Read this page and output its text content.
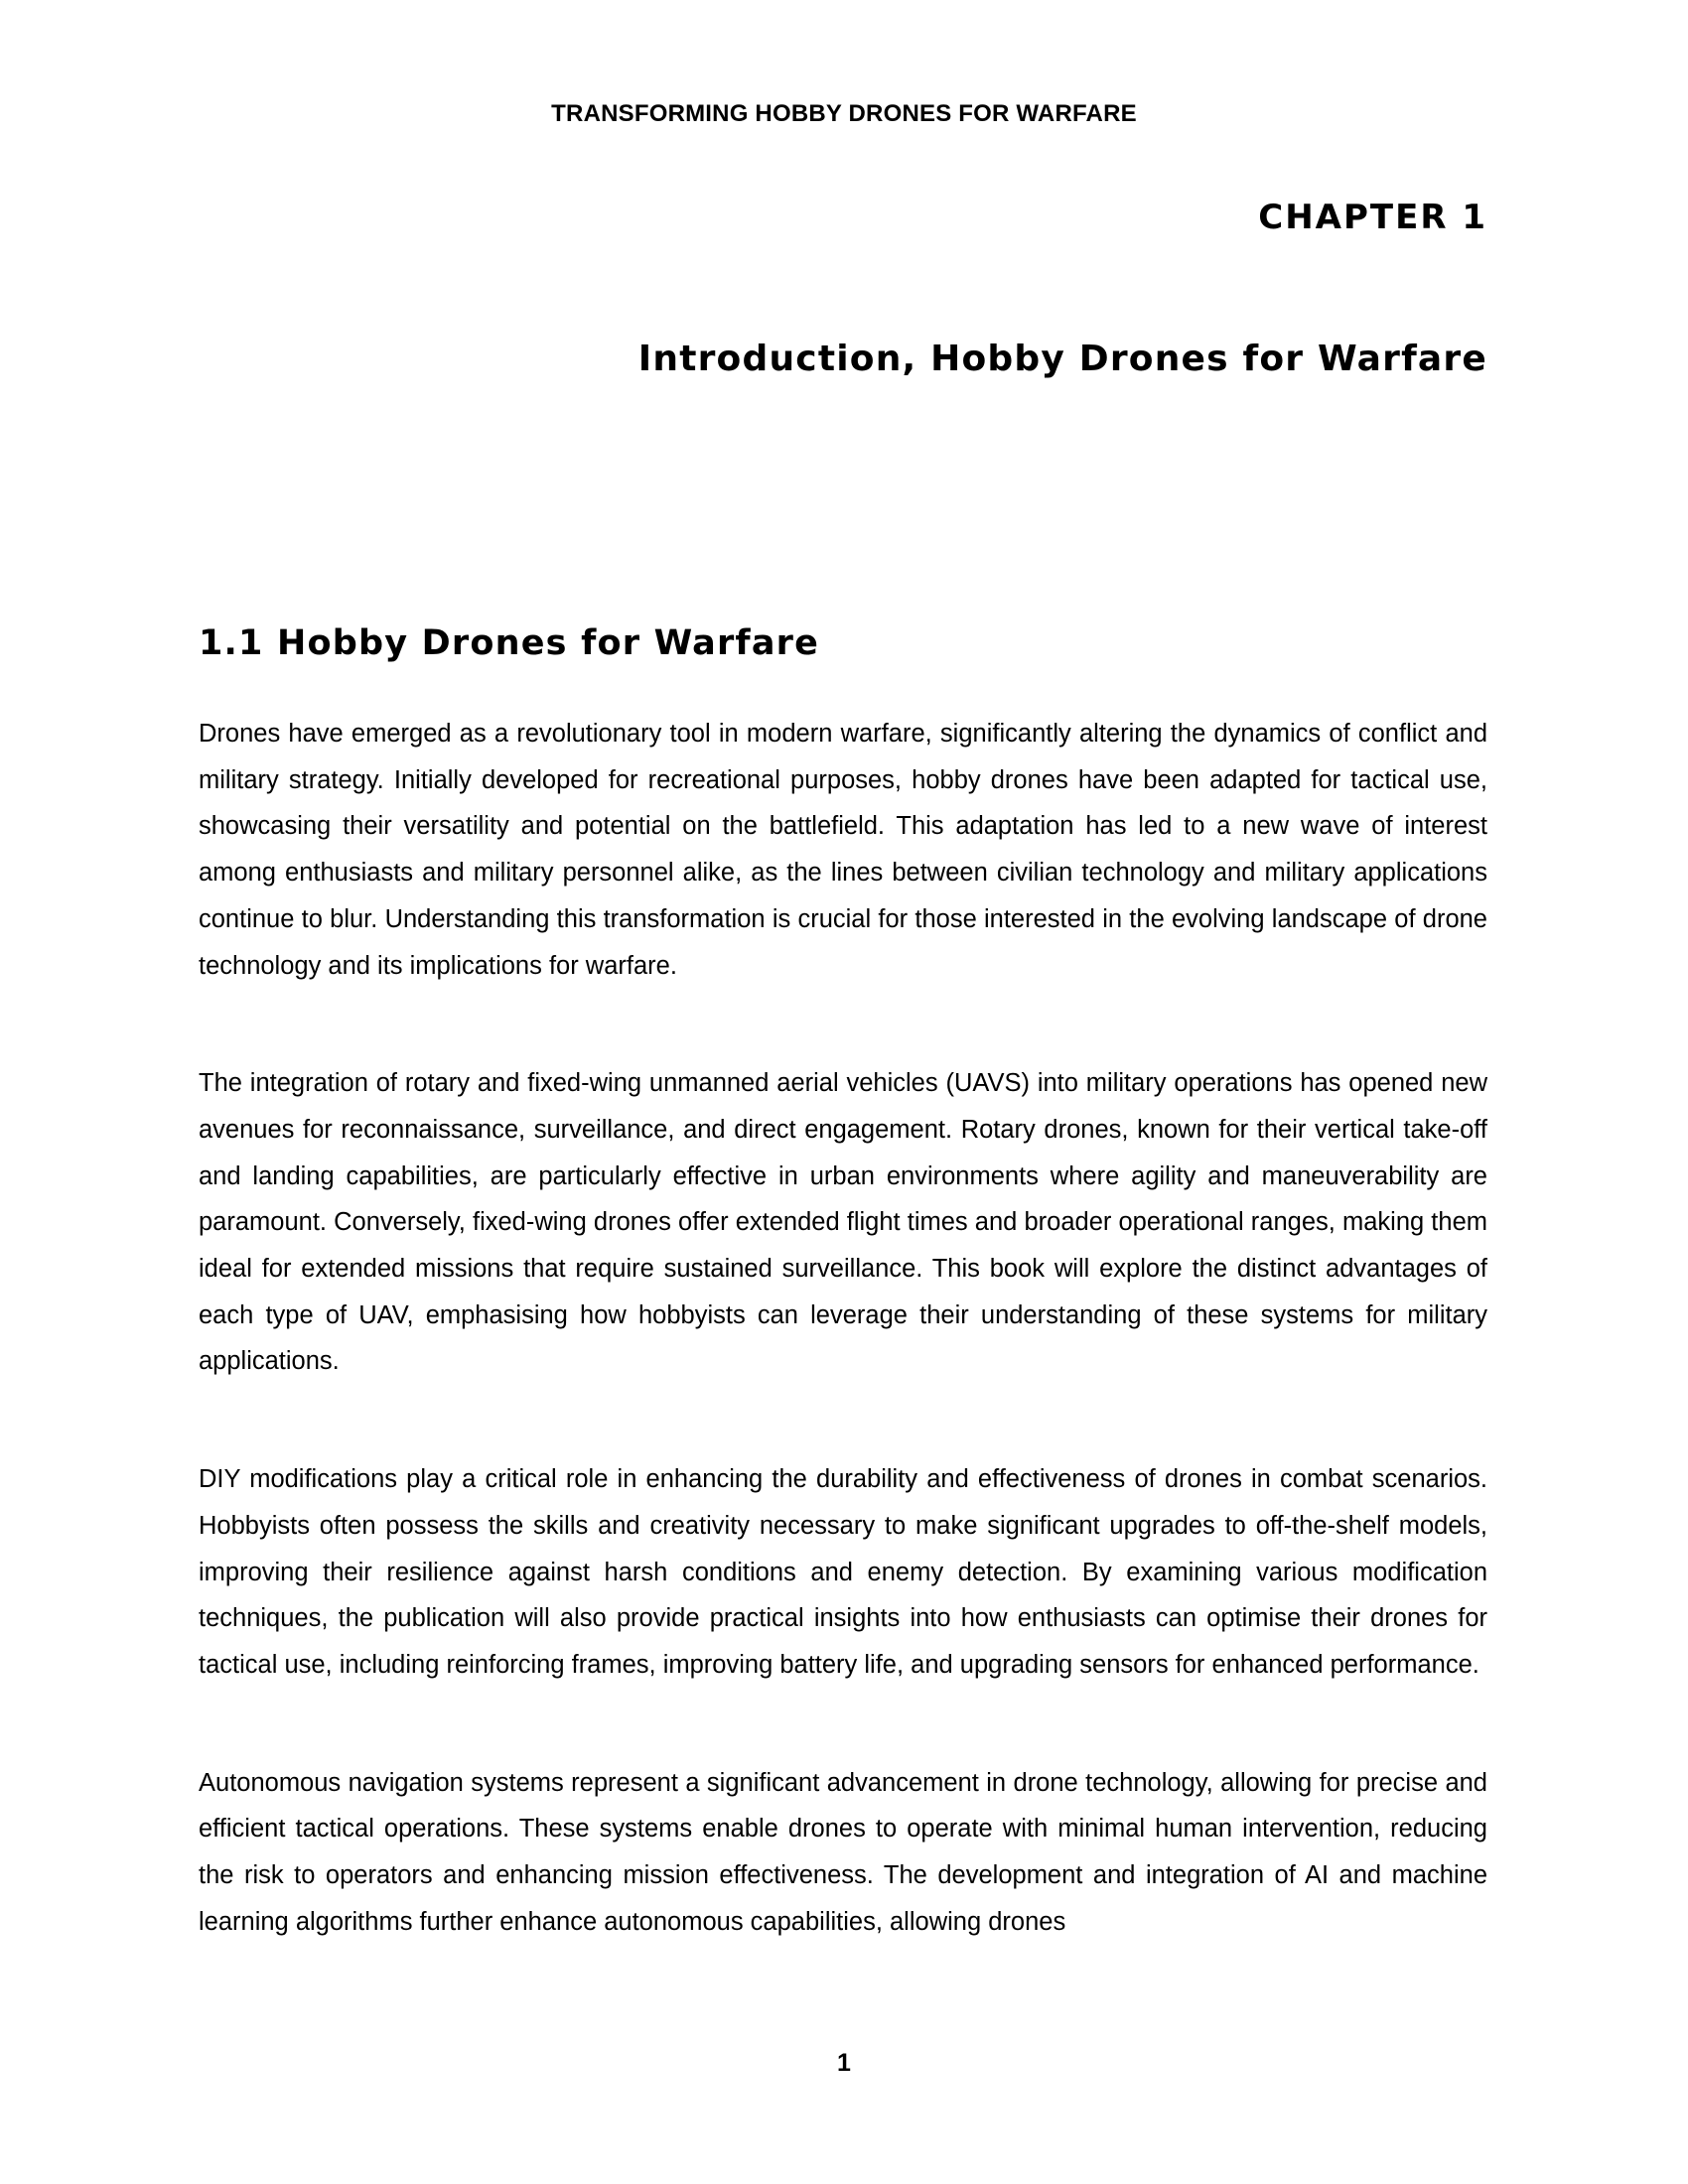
TRANSFORMING HOBBY DRONES FOR WARFARE
CHAPTER 1
Introduction, Hobby Drones for Warfare
1.1 Hobby Drones for Warfare

Drones have emerged as a revolutionary tool in modern warfare, significantly altering the dynamics of conflict and military strategy. Initially developed for recreational purposes, hobby drones have been adapted for tactical use, showcasing their versatility and potential on the battlefield. This adaptation has led to a new wave of interest among enthusiasts and military personnel alike, as the lines between civilian technology and military applications continue to blur. Understanding this transformation is crucial for those interested in the evolving landscape of drone technology and its implications for warfare.

The integration of rotary and fixed-wing unmanned aerial vehicles (UAVS) into military operations has opened new avenues for reconnaissance, surveillance, and direct engagement. Rotary drones, known for their vertical take-off and landing capabilities, are particularly effective in urban environments where agility and maneuverability are paramount. Conversely, fixed-wing drones offer extended flight times and broader operational ranges, making them ideal for extended missions that require sustained surveillance. This book will explore the distinct advantages of each type of UAV, emphasising how hobbyists can leverage their understanding of these systems for military applications.

DIY modifications play a critical role in enhancing the durability and effectiveness of drones in combat scenarios. Hobbyists often possess the skills and creativity necessary to make significant upgrades to off-the-shelf models, improving their resilience against harsh conditions and enemy detection. By examining various modification techniques, the publication will also provide practical insights into how enthusiasts can optimise their drones for tactical use, including reinforcing frames, improving battery life, and upgrading sensors for enhanced performance.

Autonomous navigation systems represent a significant advancement in drone technology, allowing for precise and efficient tactical operations. These systems enable drones to operate with minimal human intervention, reducing the risk to operators and enhancing mission effectiveness. The development and integration of AI and machine learning algorithms further enhance autonomous capabilities, allowing drones

1
